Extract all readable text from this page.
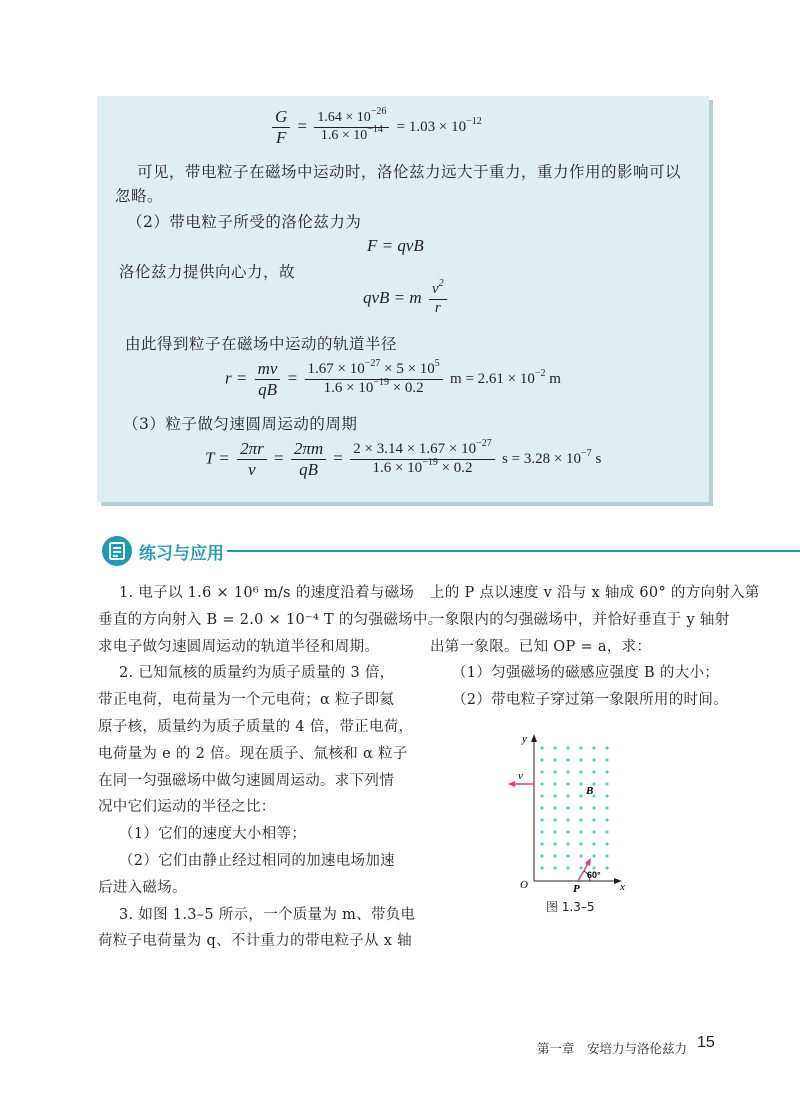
$\frac{G}{F} = \frac{1.64 \times 10^{-26}}{1.6 \times 10^{-14}} = 1.03 \times 10^{-12}$
可见，带电粒子在磁场中运动时，洛伦兹力远大于重力，重力作用的影响可以
忽略。
（2）带电粒子所受的洛伦兹力为
F = qvB
洛伦兹力提供向心力，故
qvB = m $\frac{v^2}{r}$
由此得到粒子在磁场中运动的轨道半径
$r = \frac{mv}{qB} = \frac{1.67 \times 10^{-27} \times 5 \times 10^5}{1.6 \times 10^{-19} \times 0.2}$ $m = 2.61 \times 10^{-2}$ m
（3）粒子做匀速圆周运动的周期
$T = \frac{2\pi r}{v} = \frac{2\pi m}{qB} = \frac{2 \times 3.14 \times 1.67 \times 10^{-27}}{1.6 \times 10^{-19} \times 0.2}$ $s = 3.28 \times 10^{-7}$ s
练习与应用
1. 电子以 1.6 × 10⁶ m/s 的速度沿着与磁场
垂直的方向射入 B = 2.0 × 10⁻⁴ T 的匀强磁场中。
求电子做匀速圆周运动的轨道半径和周期。
2. 已知氚核的质量约为质子质量的 3 倍，
带正电荷，电荷量为一个元电荷；α 粒子即氦
原子核，质量约为质子质量的 4 倍，带正电荷，
电荷量为 e 的 2 倍。现在质子、氚核和 α 粒子
在同一匀强磁场中做匀速圆周运动。求下列情
况中它们运动的半径之比：
（1）它们的速度大小相等；
（2）它们由静止经过相同的加速电场加速
后进入磁场。
3. 如图 1.3–5 所示，一个质量为 m、带负电
荷粒子电荷量为 q、不计重力的带电粒子从 x 轴
上的 P 点以速度 v 沿与 x 轴成 60° 的方向射入第
一象限内的匀强磁场中，并恰好垂直于 y 轴射
出第一象限。已知 OP = a，求：
（1）匀强磁场的磁感应强度 B 的大小；
（2）带电粒子穿过第一象限所用的时间。
y
x
O	P
v
B
60°
图 1.3–5
第一章　安培力与洛伦兹力 15
